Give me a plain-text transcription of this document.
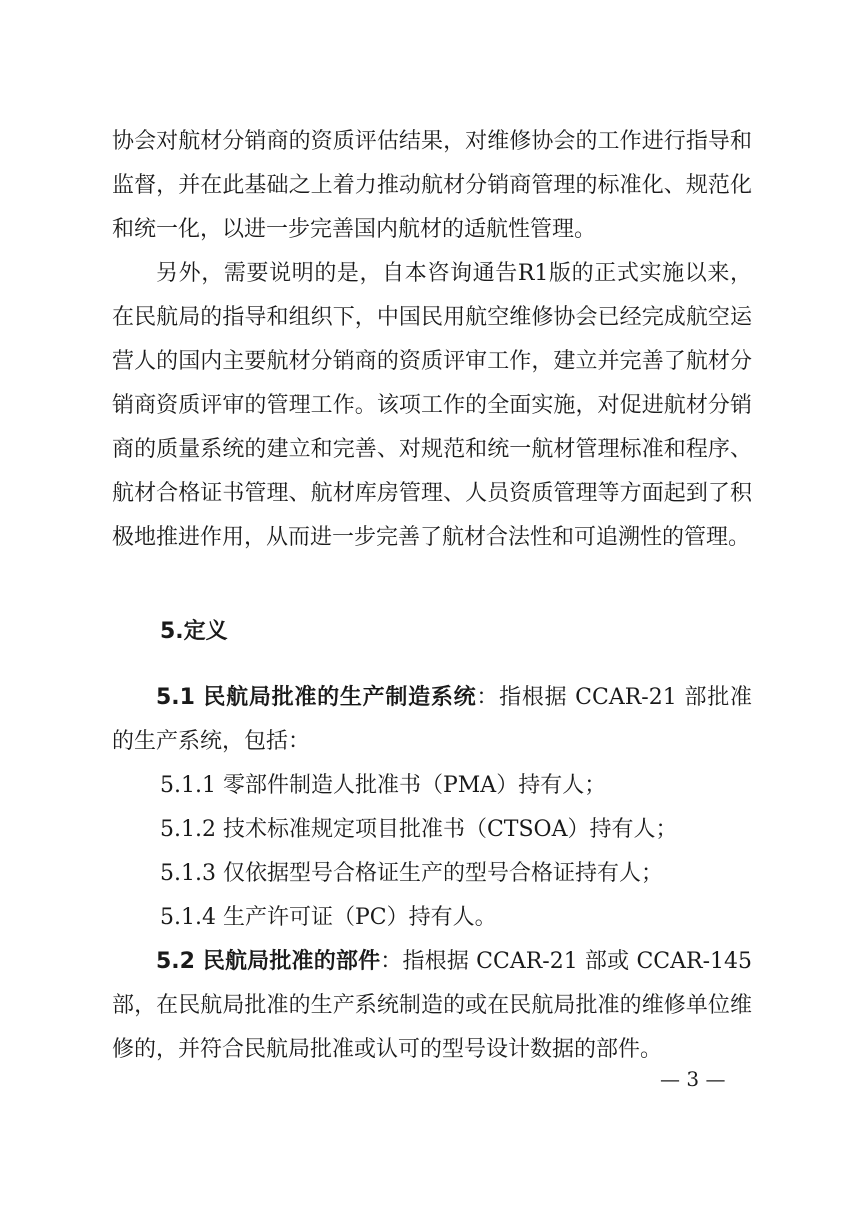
协会对航材分销商的资质评估结果，对维修协会的工作进行指导和监督，并在此基础之上着力推动航材分销商管理的标准化、规范化和统一化，以进一步完善国内航材的适航性管理。

另外，需要说明的是，自本咨询通告R1版的正式实施以来，在民航局的指导和组织下，中国民用航空维修协会已经完成航空运营人的国内主要航材分销商的资质评审工作，建立并完善了航材分销商资质评审的管理工作。该项工作的全面实施，对促进航材分销商的质量系统的建立和完善、对规范和统一航材管理标准和程序、航材合格证书管理、航材库房管理、人员资质管理等方面起到了积极地推进作用，从而进一步完善了航材合法性和可追溯性的管理。

5.定义

5.1 民航局批准的生产制造系统：指根据 CCAR-21 部批准的生产系统，包括：

5.1.1 零部件制造人批准书（PMA）持有人；

5.1.2 技术标准规定项目批准书（CTSOA）持有人；

5.1.3 仅依据型号合格证生产的型号合格证持有人；

5.1.4 生产许可证（PC）持有人。

5.2 民航局批准的部件：指根据 CCAR-21 部或 CCAR-145 部，在民航局批准的生产系统制造的或在民航局批准的维修单位维修的，并符合民航局批准或认可的型号设计数据的部件。

— 3 —
